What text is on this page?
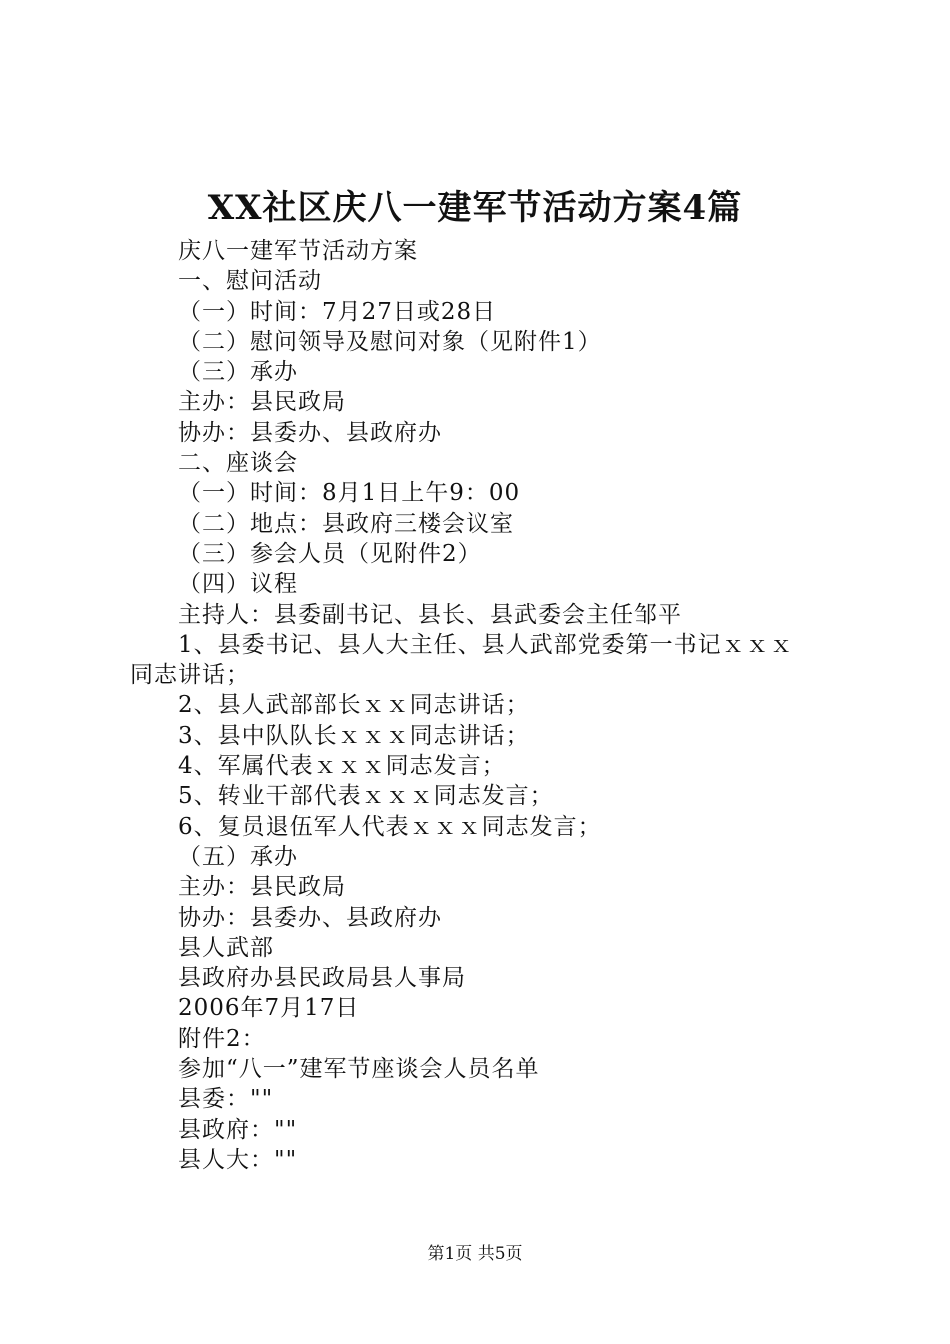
XX社区庆八一建军节活动方案4篇
庆八一建军节活动方案
一、慰问活动
（一）时间：7月27日或28日
（二）慰问领导及慰问对象（见附件1）
（三）承办
主办：县民政局
协办：县委办、县政府办
二、座谈会
（一）时间：8月1日上午9：00
（二）地点：县政府三楼会议室
（三）参会人员（见附件2）
（四）议程
主持人：县委副书记、县长、县武委会主任邹平
1、县委书记、县人大主任、县人武部党委第一书记ｘｘｘ
同志讲话；
2、县人武部部长ｘｘ同志讲话；
3、县中队队长ｘｘｘ同志讲话；
4、军属代表ｘｘｘ同志发言；
5、转业干部代表ｘｘｘ同志发言；
6、复员退伍军人代表ｘｘｘ同志发言；
（五）承办
主办：县民政局
协办：县委办、县政府办
县人武部
县政府办县民政局县人事局
2006年7月17日
附件2：
参加“八一”建军节座谈会人员名单
县委：""
县政府：""
县人大：""
第1页 共5页
